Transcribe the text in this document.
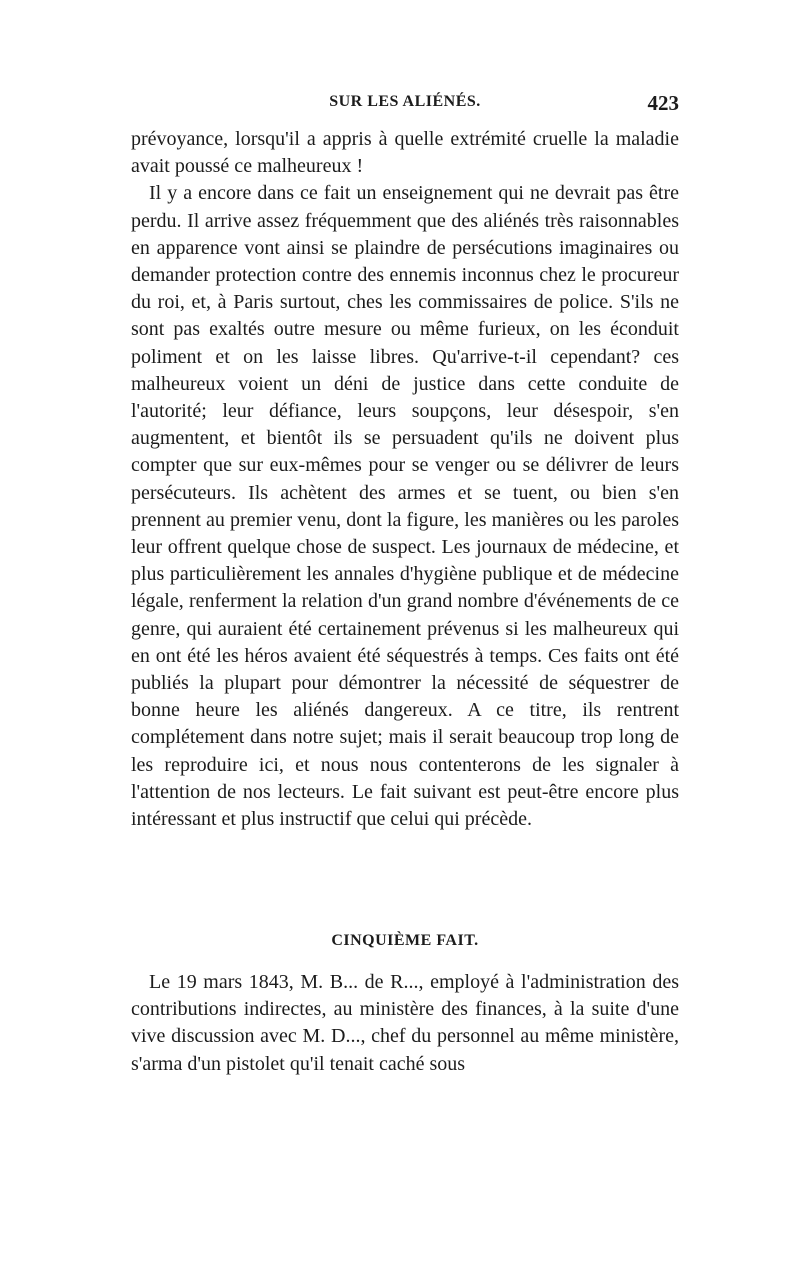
SUR LES ALIÉNÉS.	423

prévoyance, lorsqu'il a appris à quelle extrémité cruelle la maladie avait poussé ce malheureux !

Il y a encore dans ce fait un enseignement qui ne devrait pas être perdu. Il arrive assez fréquemment que des aliénés très raisonnables en apparence vont ainsi se plaindre de persécutions imaginaires ou demander protection contre des ennemis inconnus chez le procureur du roi, et, à Paris surtout, ches les commissaires de police. S'ils ne sont pas exaltés outre mesure ou même furieux, on les éconduit poliment et on les laisse libres. Qu'arrive-t-il cependant? ces malheureux voient un déni de justice dans cette conduite de l'autorité; leur défiance, leurs soupçons, leur désespoir, s'en augmentent, et bientôt ils se persuadent qu'ils ne doivent plus compter que sur eux-mêmes pour se venger ou se délivrer de leurs persécuteurs. Ils achètent des armes et se tuent, ou bien s'en prennent au premier venu, dont la figure, les manières ou les paroles leur offrent quelque chose de suspect. Les journaux de médecine, et plus particulièrement les annales d'hygiène publique et de médecine légale, renferment la relation d'un grand nombre d'événements de ce genre, qui auraient été certainement prévenus si les malheureux qui en ont été les héros avaient été séquestrés à temps. Ces faits ont été publiés la plupart pour démontrer la nécessité de séquestrer de bonne heure les aliénés dangereux. A ce titre, ils rentrent complétement dans notre sujet; mais il serait beaucoup trop long de les reproduire ici, et nous nous contenterons de les signaler à l'attention de nos lecteurs. Le fait suivant est peut-être encore plus intéressant et plus instructif que celui qui précède.

CINQUIÈME FAIT.

Le 19 mars 1843, M. B... de R..., employé à l'administration des contributions indirectes, au ministère des finances, à la suite d'une vive discussion avec M. D..., chef du personnel au même ministère, s'arma d'un pistolet qu'il tenait caché sous
